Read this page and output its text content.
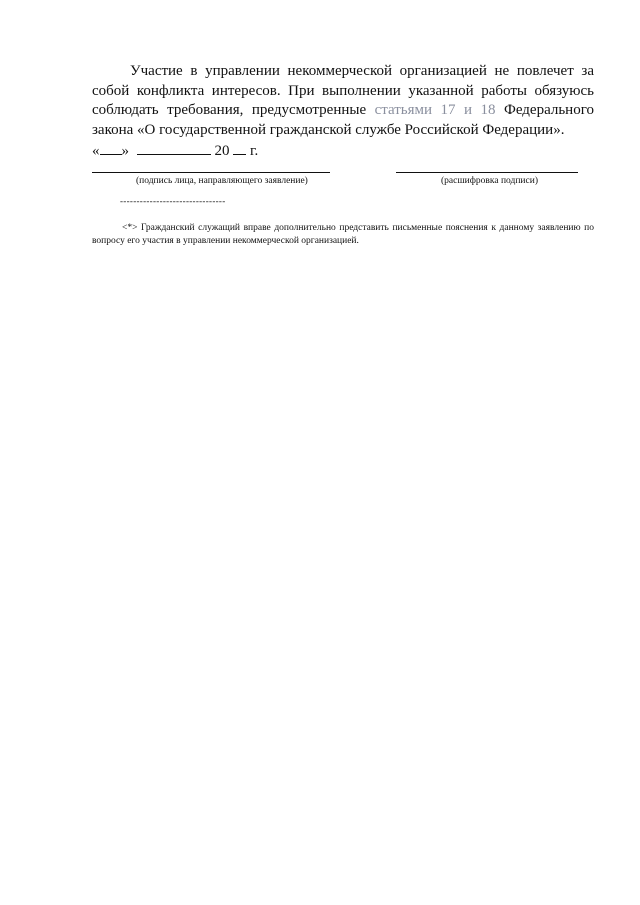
Участие в управлении некоммерческой организацией не повлечет за собой конфликта интересов. При выполнении указанной работы обязуюсь соблюдать требования, предусмотренные статьями 17 и 18 Федерального закона «О государственной гражданской службе Российской Федерации».

« »	20 г.
(подпись лица, направляющего заявление)	(расшифровка подписи)
--------------------------------

<*> Гражданский служащий вправе дополнительно представить письменные пояснения к данному заявлению по вопросу его участия в управлении некоммерческой организацией.
